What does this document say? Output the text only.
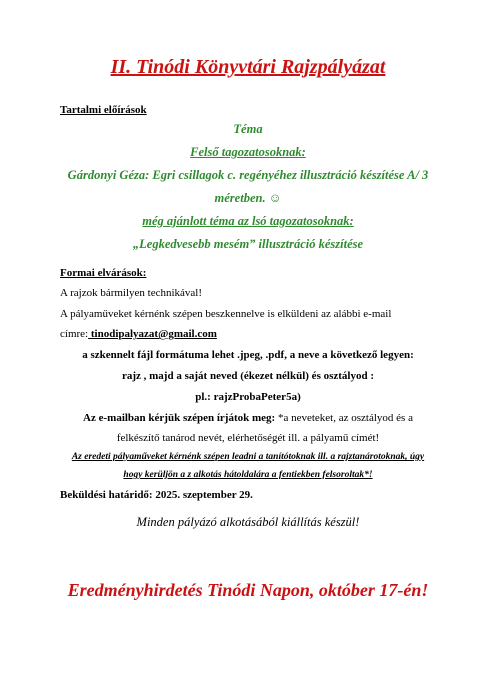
II. Tinódi Könyvtári Rajzpályázat
Tartalmi előírások
Téma
Felső tagozatosoknak:
Gárdonyi Géza: Egri csillagok c. regényéhez illusztráció készítése A/ 3
méretben. ☺
még ajánlott téma az lsó tagozatosoknak:
„Legkedvesebb mesém” illusztráció készítése
Formai elvárások:
A rajzok bármilyen technikával!
A pályaműveket kérnénk szépen beszkennelve is elküldeni az alábbi e-mail
címre: tinodipalyazat@gmail.com
a szkennelt fájl formátuma lehet .jpeg, .pdf, a neve a következő legyen:
rajz , majd a saját neved (ékezet nélkül) és osztályod :
pl.: rajzProbaPeter5a)
Az e-mailban kérjük szépen írjátok meg: *a neveteket, az osztályod és a
felkészítő tanárod nevét, elérhetőségét ill. a pályamű címét!
Az eredeti pályaműveket kérnénk szépen leadni a tanítótoknak ill. a rajztanárotoknak, úgy
hogy kerüljön a z alkotás hátoldalára a fentiekben felsoroltak*!
Beküldési határidő: 2025. szeptember 29.
Minden pályázó alkotásából kiállítás készül!
Eredményhirdetés Tinódi Napon, október 17-én!
